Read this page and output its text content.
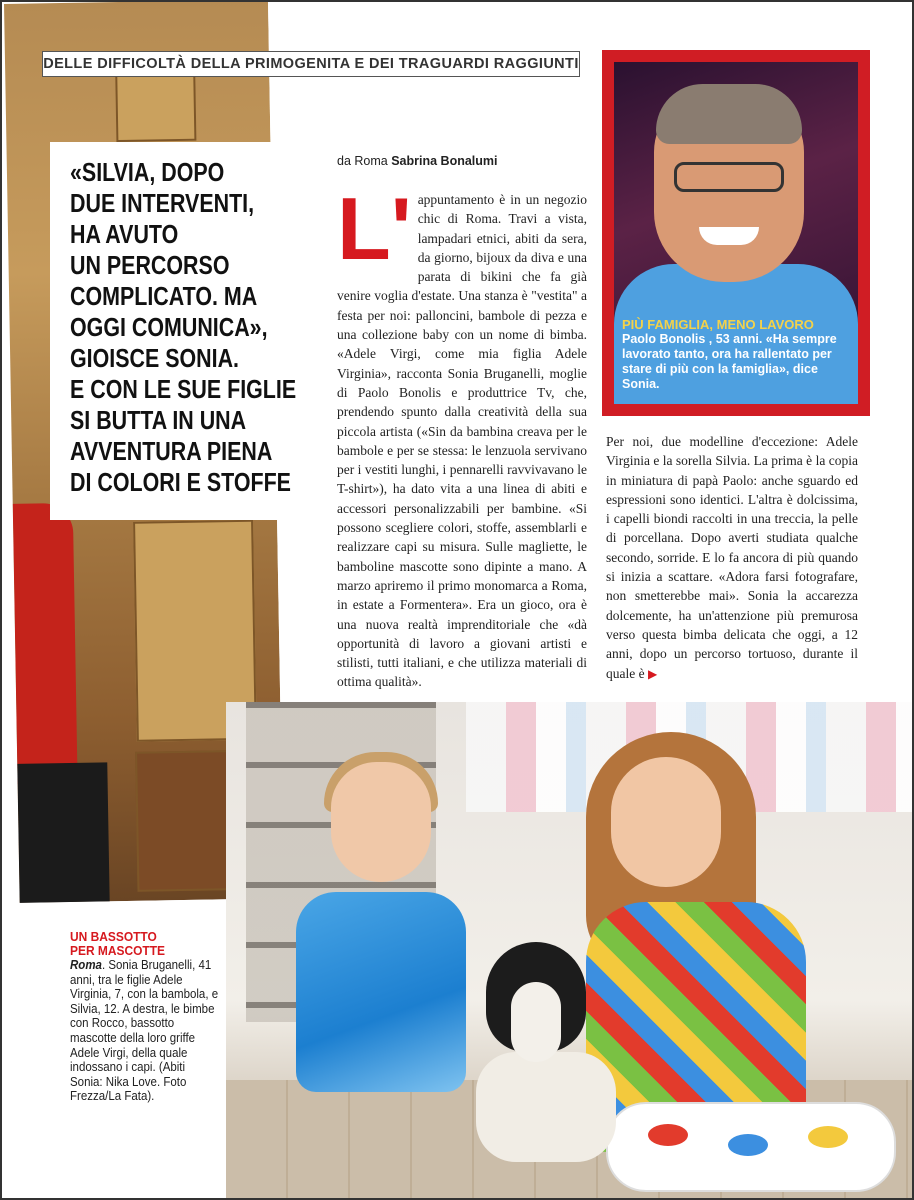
DELLE DIFFICOLTÀ DELLA PRIMOGENITA E DEI TRAGUARDI RAGGIUNTI
«SILVIA, DOPO
DUE INTERVENTI,
HA AVUTO
UN PERCORSO
COMPLICATO. MA
OGGI COMUNICA»,
GIOISCE SONIA.
E CON LE SUE FIGLIE
SI BUTTA IN UNA
AVVENTURA PIENA
DI COLORI E STOFFE
da Roma Sabrina Bonalumi
L' appuntamento è in un negozio chic di Roma. Travi a vista, lampadari etnici, abiti da sera, da giorno, bijoux da diva e una parata di bikini che fa già venire voglia d'estate. Una stanza è "vestita" a festa per noi: palloncini, bambole di pezza e una collezione baby con un nome di bimba. «Adele Virgi, come mia figlia Adele Virginia», racconta Sonia Bruganelli, moglie di Paolo Bonolis e produttrice Tv, che, prendendo spunto dalla creatività della sua piccola artista («Sin da bambina creava per le bambole e per se stessa: le lenzuola servivano per i vestiti lunghi, i pennarelli ravvivavano le T-shirt»), ha dato vita a una linea di abiti e accessori personalizzabili per bambine. «Si possono scegliere colori, stoffe, assemblarli e realizzare capi su misura. Sulle magliette, le bamboline mascotte sono dipinte a mano. A marzo apriremo il primo monomarca a Roma, in estate a Formentera». Era un gioco, ora è una nuova realtà imprenditoriale che «dà opportunità di lavoro a giovani artisti e stilisti, tutti italiani, e che utilizza materiali di ottima qualità».
PIÙ FAMIGLIA, MENO LAVORO
Paolo Bonolis , 53 anni. «Ha sempre lavorato tanto, ora ha rallentato per stare di più con la famiglia», dice Sonia.

Per noi, due modelline d'eccezione: Adele Virginia e la sorella Silvia. La prima è la copia in miniatura di papà Paolo: anche sguardo ed espressioni sono identici. L'altra è dolcissima, i capelli biondi raccolti in una treccia, la pelle di porcellana. Dopo averti studiata qualche secondo, sorride. E lo fa ancora di più quando si inizia a scattare. «Adora farsi fotografare, non smetterebbe mai». Sonia la accarezza dolcemente, ha un'attenzione più premurosa verso questa bimba delicata che oggi, a 12 anni, dopo un percorso tortuoso, durante il quale è ▶

UN BASSOTTO
PER MASCOTTE
Roma. Sonia Bruganelli, 41 anni, tra le figlie Adele Virginia, 7, con la bambola, e Silvia, 12. A destra, le bimbe con Rocco, bassotto mascotte della loro griffe Adele Virgi, della quale indossano i capi. (Abiti Sonia: Nika Love. Foto Frezza/La Fata).
